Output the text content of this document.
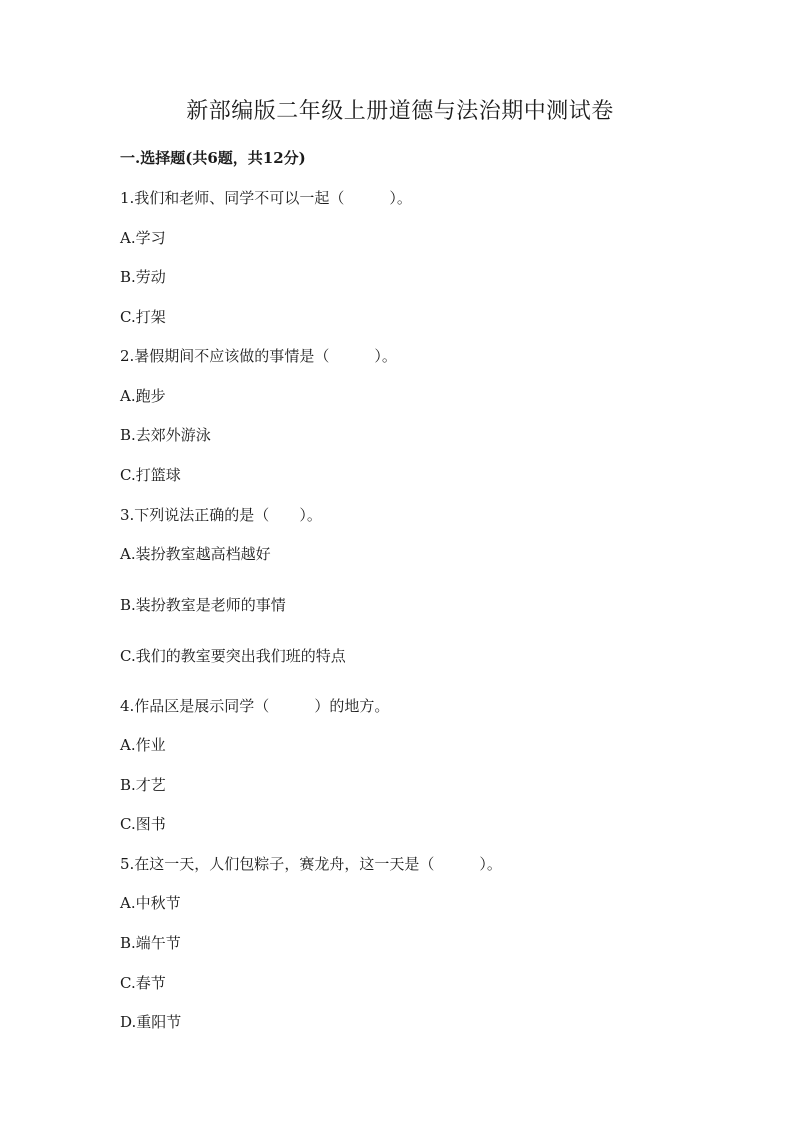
新部编版二年级上册道德与法治期中测试卷
一.选择题(共6题，共12分)
1.我们和老师、同学不可以一起（　　　）。
A.学习
B.劳动
C.打架
2.暑假期间不应该做的事情是（　　　）。
A.跑步
B.去郊外游泳
C.打篮球
3.下列说法正确的是（　　）。
A.装扮教室越高档越好
B.装扮教室是老师的事情
C.我们的教室要突出我们班的特点
4.作品区是展示同学（　　　）的地方。
A.作业
B.才艺
C.图书
5.在这一天，人们包粽子，赛龙舟，这一天是（　　　）。
A.中秋节
B.端午节
C.春节
D.重阳节
